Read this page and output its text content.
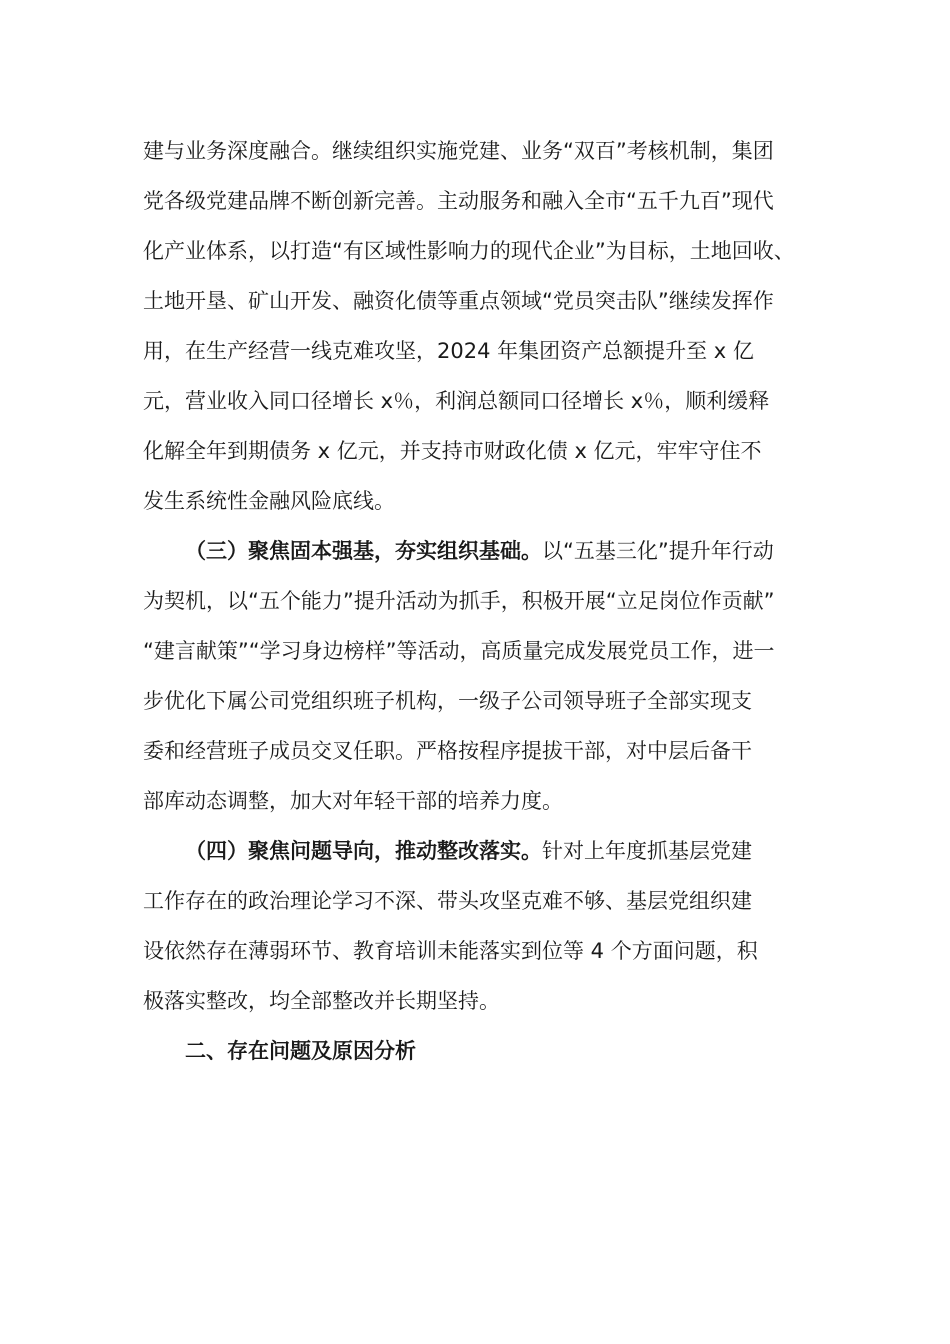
建与业务深度融合。继续组织实施党建、业务“双百”考核机制，集团
党各级党建品牌不断创新完善。主动服务和融入全市“五千九百”现代
化产业体系，以打造“有区域性影响力的现代企业”为目标，土地回收、
土地开垦、矿山开发、融资化债等重点领域“党员突击队”继续发挥作
用，在生产经营一线克难攻坚，2024 年集团资产总额提升至 x 亿
元，营业收入同口径增长 x％，利润总额同口径增长 x％，顺利缓释
化解全年到期债务 x 亿元，并支持市财政化债 x 亿元，牢牢守住不
发生系统性金融风险底线。
（三）聚焦固本强基，夯实组织基础。以“五基三化”提升年行动
为契机，以“五个能力”提升活动为抓手，积极开展“立足岗位作贡献”
“建言献策”“学习身边榜样”等活动，高质量完成发展党员工作，进一
步优化下属公司党组织班子机构，一级子公司领导班子全部实现支
委和经营班子成员交叉任职。严格按程序提拔干部，对中层后备干
部库动态调整，加大对年轻干部的培养力度。
（四）聚焦问题导向，推动整改落实。针对上年度抓基层党建
工作存在的政治理论学习不深、带头攻坚克难不够、基层党组织建
设依然存在薄弱环节、教育培训未能落实到位等 4 个方面问题，积
极落实整改，均全部整改并长期坚持。
二、存在问题及原因分析
